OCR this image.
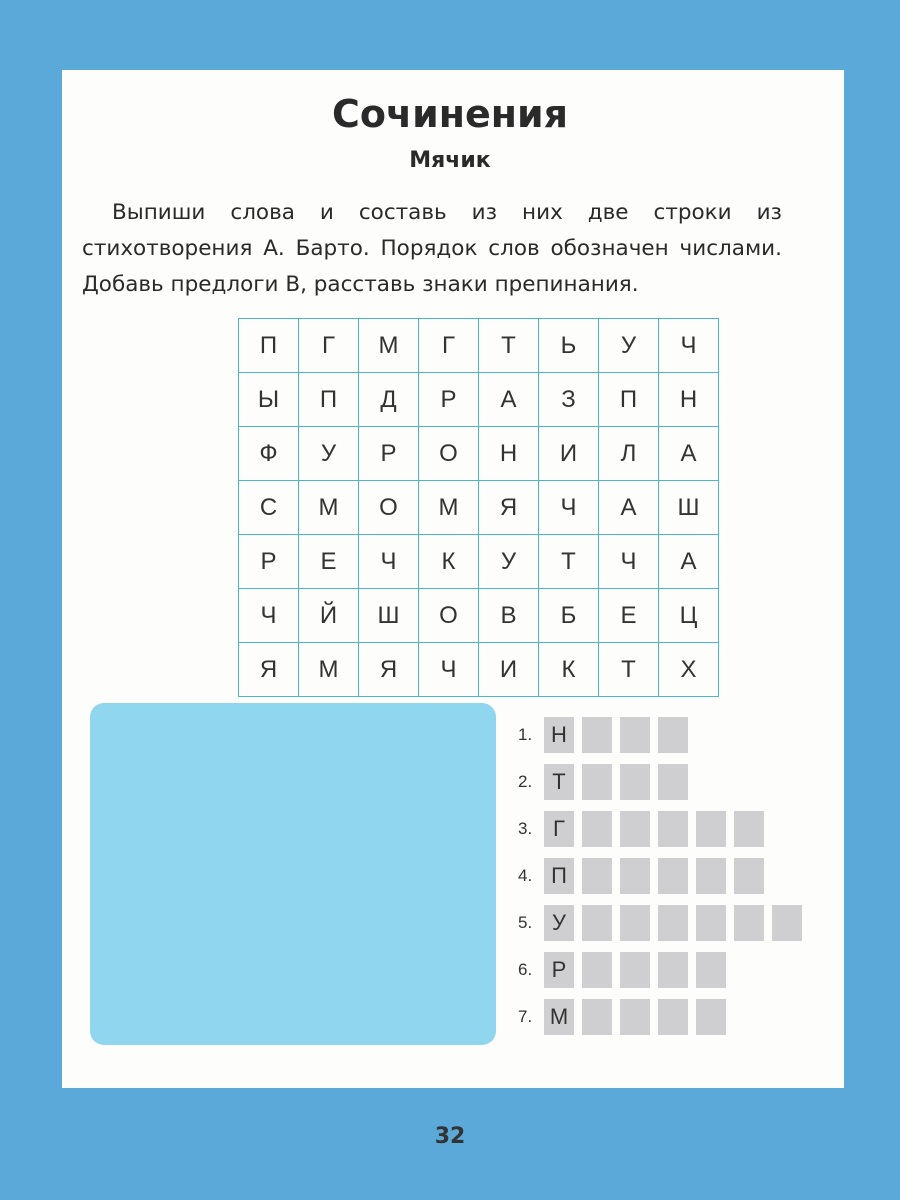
Сочинения
Мячик
Выпиши слова и составь из них две строки из стихотворения А. Барто. Порядок слов обозначен числами. Добавь предлоги В, расставь знаки препинания.
П	Г	М	Г	Т	Ь	У	Ч
Ы	П	Д	Р	А	З	П	Н
Ф	У	Р	О	Н	И	Л	А
С	М	О	М	Я	Ч	А	Ш
Р	Е	Ч	К	У	Т	Ч	А
Ч	Й	Ш	О	В	Б	Е	Ц
Я	М	Я	Ч	И	К	Т	Х
1. Н
2. Т
3. Г
4. П
5. У
6. Р
7. М
32
